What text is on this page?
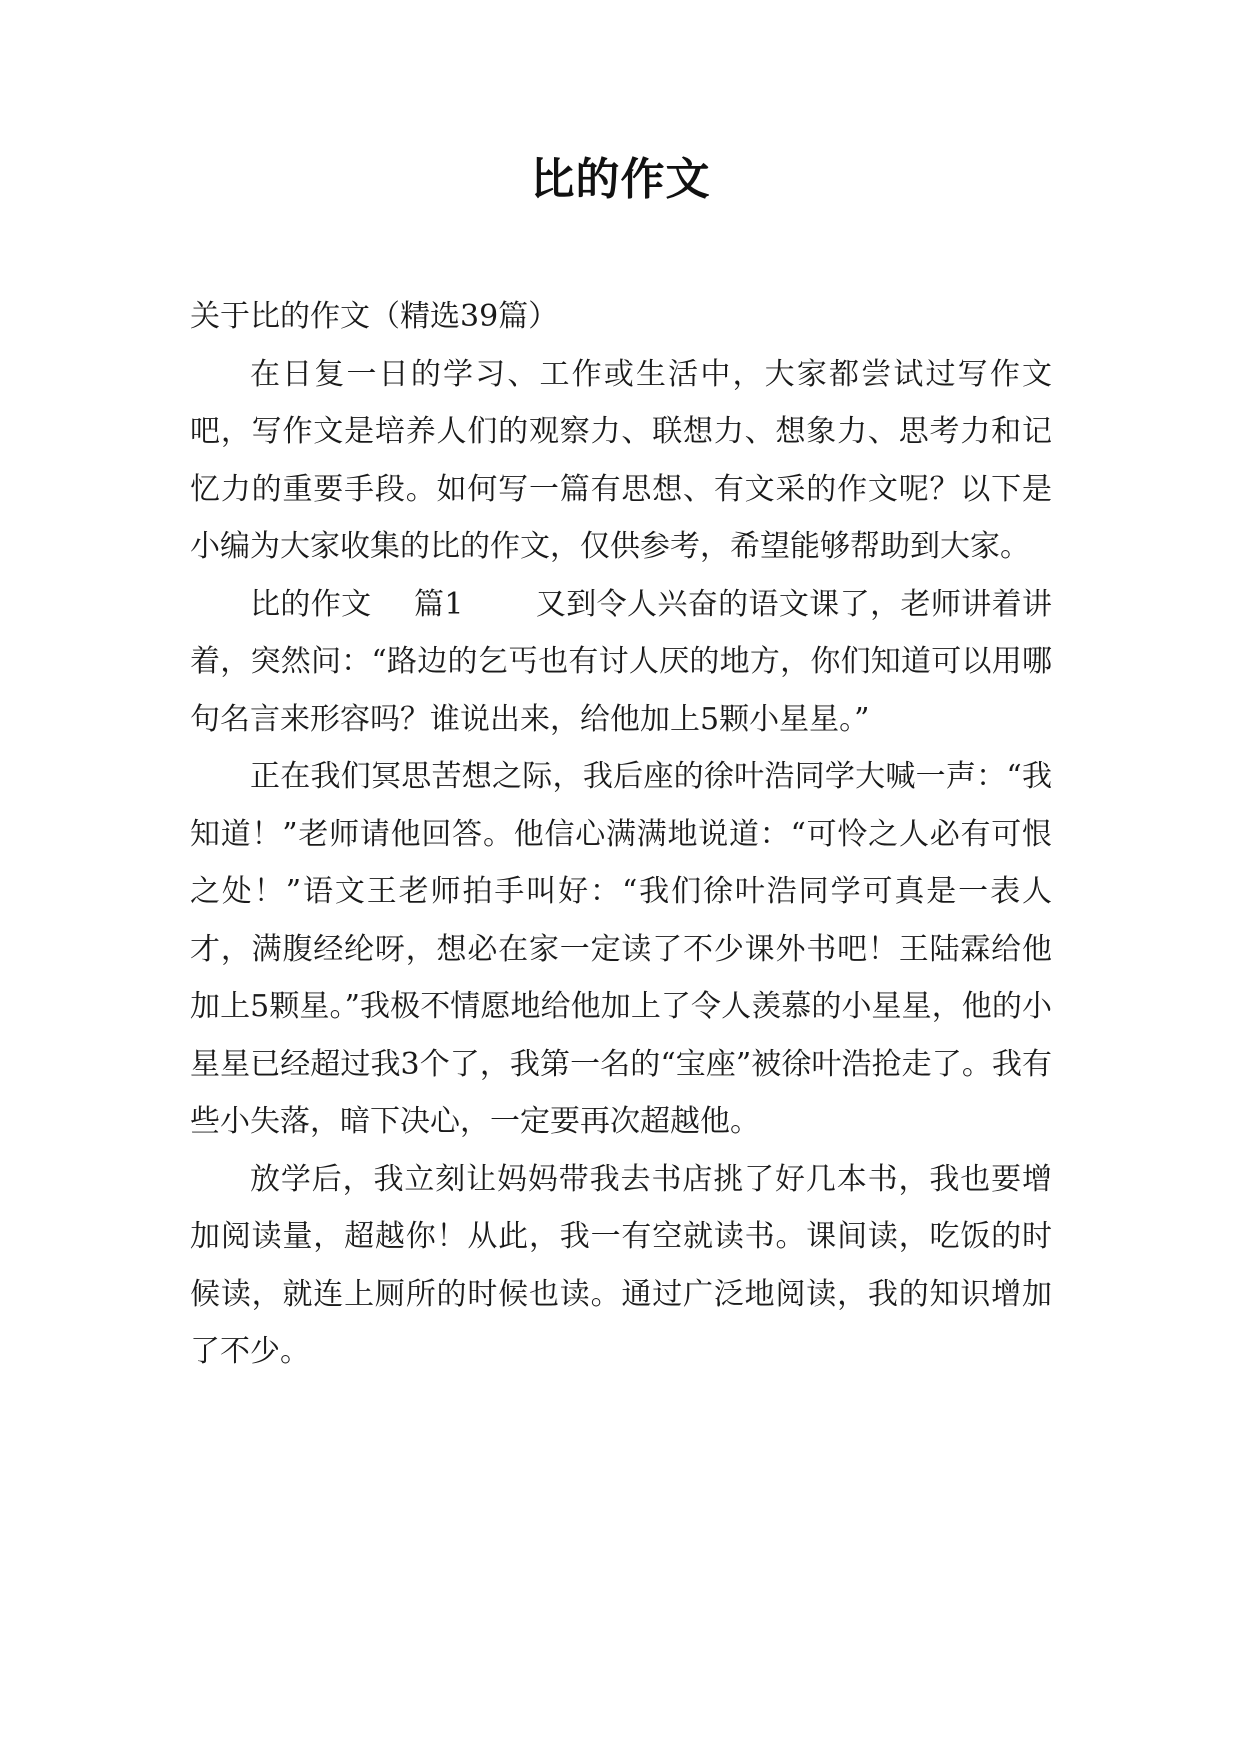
比的作文

关于比的作文（精选39篇）

在日复一日的学习、工作或生活中，大家都尝试过写作文吧，写作文是培养人们的观察力、联想力、想象力、思考力和记忆力的重要手段。如何写一篇有思想、有文采的作文呢？以下是小编为大家收集的比的作文，仅供参考，希望能够帮助到大家。

比的作文 篇1 又到令人兴奋的语文课了，老师讲着讲着，突然问：“路边的乞丐也有讨人厌的地方，你们知道可以用哪句名言来形容吗？谁说出来，给他加上5颗小星星。”

正在我们冥思苦想之际，我后座的徐叶浩同学大喊一声：“我知道！”老师请他回答。他信心满满地说道：“可怜之人必有可恨之处！”语文王老师拍手叫好：“我们徐叶浩同学可真是一表人才，满腹经纶呀，想必在家一定读了不少课外书吧！王陆霖给他加上5颗星。”我极不情愿地给他加上了令人羡慕的小星星，他的小星星已经超过我3个了，我第一名的“宝座”被徐叶浩抢走了。我有些小失落，暗下决心，一定要再次超越他。

放学后，我立刻让妈妈带我去书店挑了好几本书，我也要增加阅读量，超越你！从此，我一有空就读书。课间读，吃饭的时候读，就连上厕所的时候也读。通过广泛地阅读，我的知识增加了不少。
